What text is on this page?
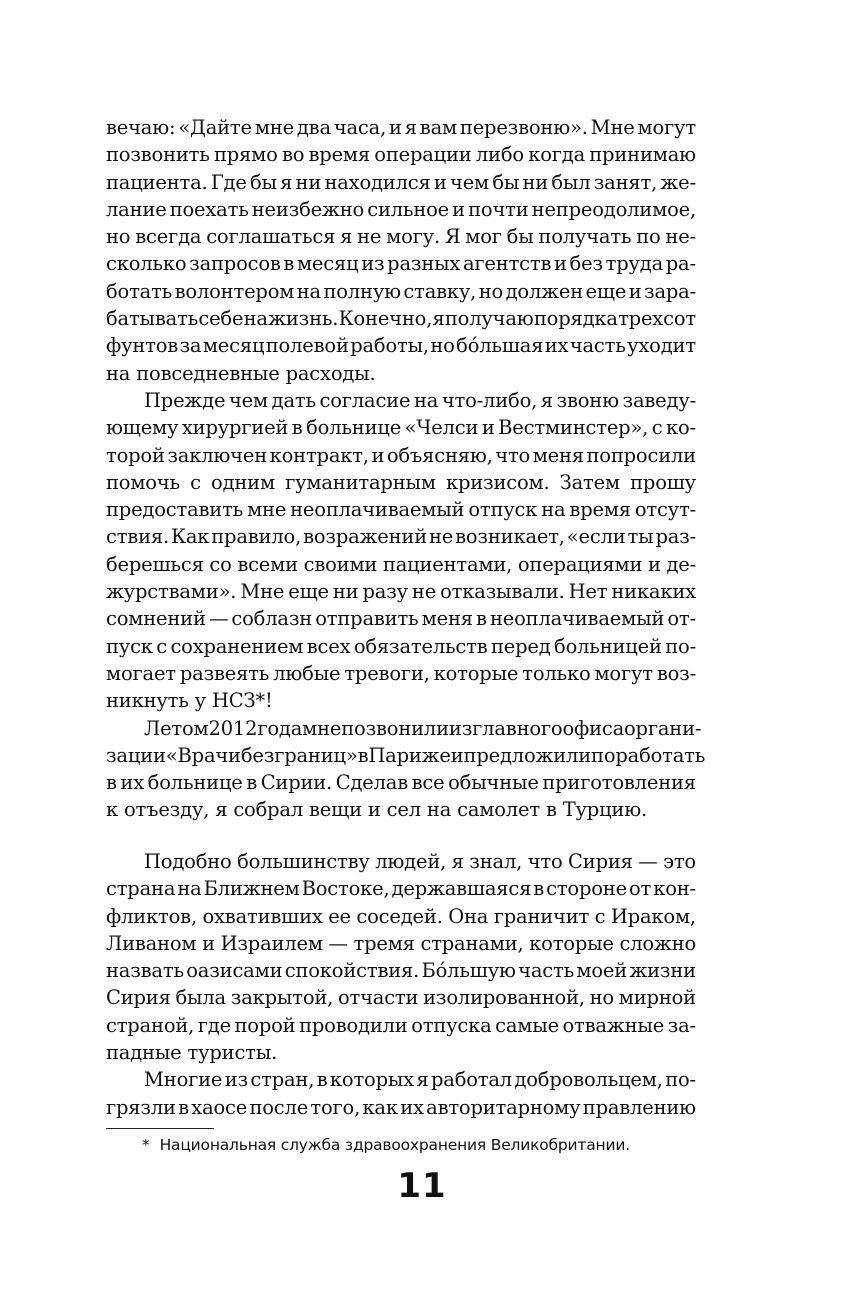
вечаю: «Дайте мне два часа, и я вам перезвоню». Мне могут
позвонить прямо во время операции либо когда принимаю
пациента. Где бы я ни находился и чем бы ни был занят, же-
лание поехать неизбежно сильное и почти непреодолимое,
но всегда соглашаться я не могу. Я мог бы получать по не-
сколько запросов в месяц из разных агентств и без труда ра-
ботать волонтером на полную ставку, но должен еще и зара-
батывать себе на жизнь. Конечно, я получаю порядка трехсот
фунтов за месяц полевой работы, но бо́льшая их часть уходит
на повседневные расходы.
Прежде чем дать согласие на что-либо, я звоню заведу-
ющему хирургией в больнице «Челси и Вестминстер», с ко-
торой заключен контракт, и объясняю, что меня попросили
помочь с одним гуманитарным кризисом. Затем прошу
предоставить мне неоплачиваемый отпуск на время отсут-
ствия. Как правило, возражений не возникает, «если ты раз-
берешься со всеми своими пациентами, операциями и де-
журствами». Мне еще ни разу не отказывали. Нет никаких
сомнений — соблазн отправить меня в неоплачиваемый от-
пуск с сохранением всех обязательств перед больницей по-
могает развеять любые тревоги, которые только могут воз-
никнуть у НСЗ*!
Летом 2012 года мне позвонили из главного офиса органи-
зации «Врачи без границ» в Париже и предложили поработать
в их больнице в Сирии. Сделав все обычные приготовления
к отъезду, я собрал вещи и сел на самолет в Турцию.
Подобно большинству людей, я знал, что Сирия — это
страна на Ближнем Востоке, державшаяся в стороне от кон-
фликтов, охвативших ее соседей. Она граничит с Ираком,
Ливаном и Израилем — тремя странами, которые сложно
назвать оазисами спокойствия. Бо́льшую часть моей жизни
Сирия была закрытой, отчасти изолированной, но мирной
страной, где порой проводили отпуска самые отважные за-
падные туристы.
Многие из стран, в которых я работал добровольцем, по-
грязли в хаосе после того, как их авторитарному правлению
* Национальная служба здравоохранения Великобритании.
11
